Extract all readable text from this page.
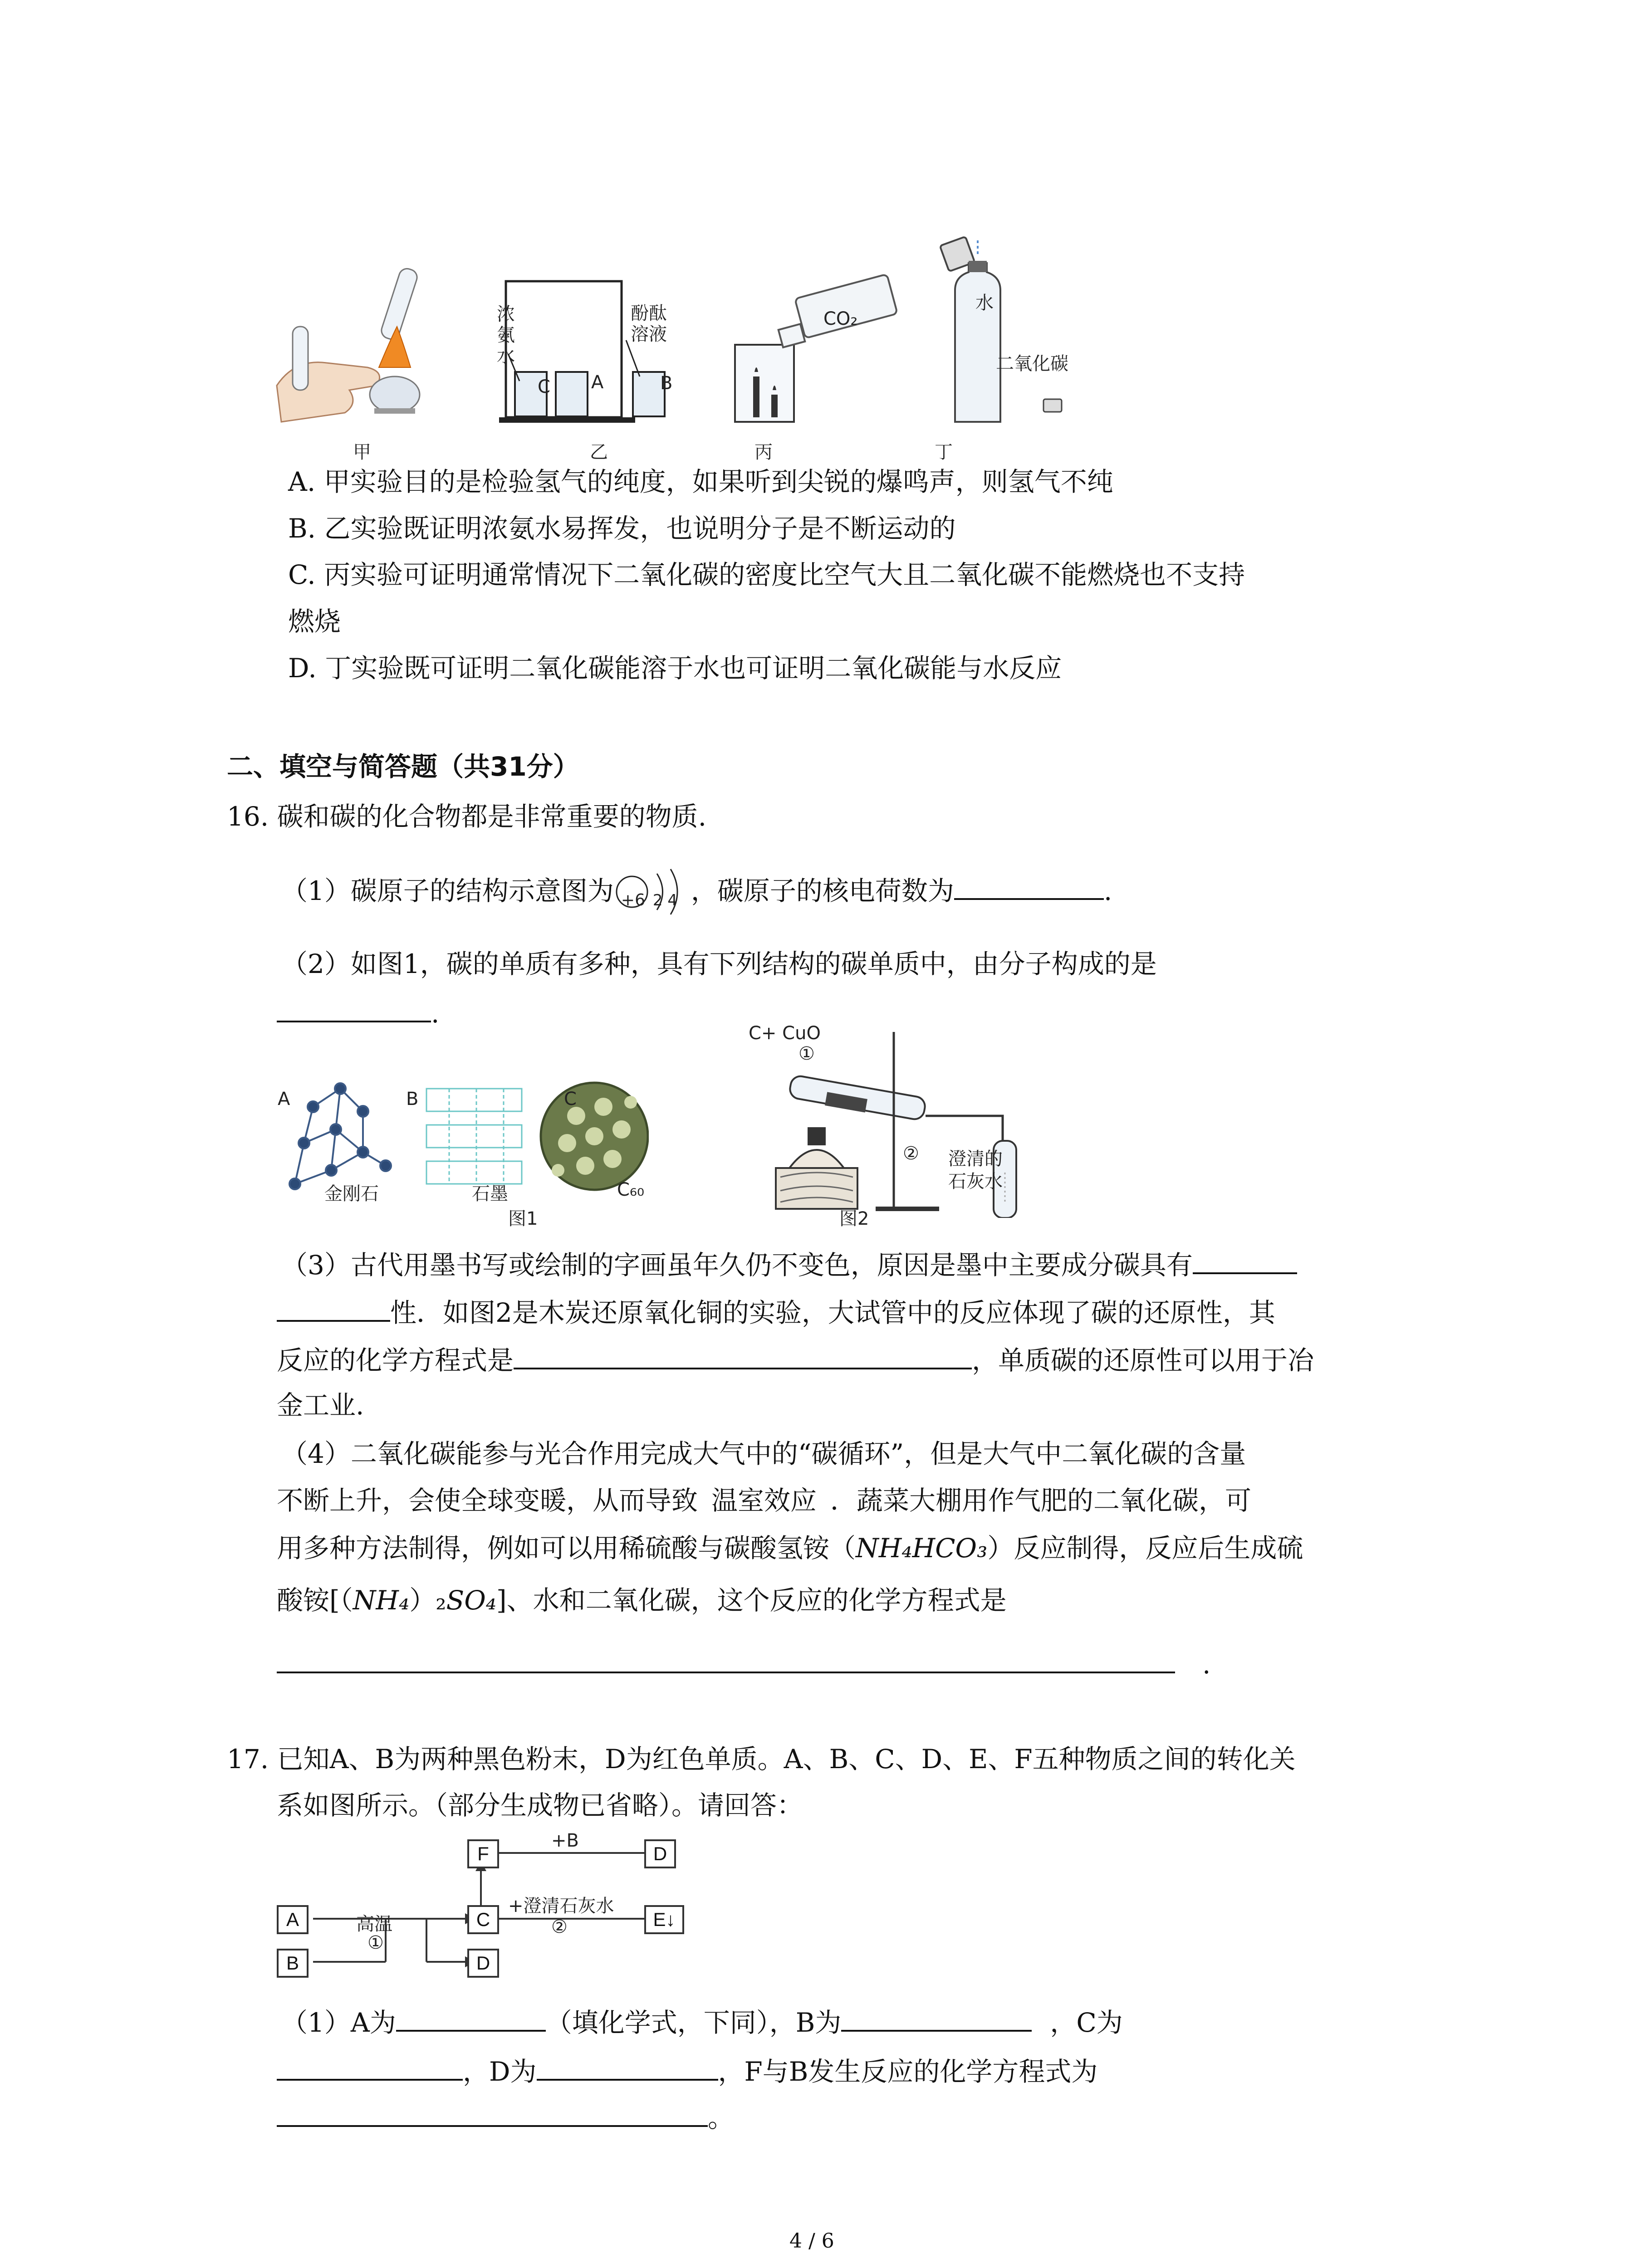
浓氨水
酚酞溶液
C A	B
CO₂
水
二氧化碳
甲	乙	丙	丁
A. 甲实验目的是检验氢气的纯度，如果听到尖锐的爆鸣声，则氢气不纯
B. 乙实验既证明浓氨水易挥发，也说明分子是不断运动的
C. 丙实验可证明通常情况下二氧化碳的密度比空气大且二氧化碳不能燃烧也不支持
燃烧
D. 丁实验既可证明二氧化碳能溶于水也可证明二氧化碳能与水反应
二、填空与简答题（共31分）
16. 碳和碳的化合物都是非常重要的物质.
（1）碳原子的结构示意图为 +6 2 4 ，碳原子的核电荷数为	.
（2）如图1，碳的单质有多种，具有下列结构的碳单质中，由分子构成的是
.
A	B	C
金刚石	石墨	C₆₀
图1
C+ CuO
①
② 澄清的石灰水
图2
（3）古代用墨书写或绘制的字画虽年久仍不变色，原因是墨中主要成分碳具有
性．如图2是木炭还原氧化铜的实验，大试管中的反应体现了碳的还原性，其
反应的化学方程式是	，单质碳的还原性可以用于冶
金工业.
（4）二氧化碳能参与光合作用完成大气中的“碳循环”，但是大气中二氧化碳的含量
不断上升，会使全球变暖，从而导致 温室效应 ．蔬菜大棚用作气肥的二氧化碳，可
用多种方法制得，例如可以用稀硫酸与碳酸氢铵（NH₄HCO₃）反应制得，反应后生成硫
酸铵[（NH₄）₂SO₄]、水和二氧化碳，这个反应的化学方程式是
.
17. 已知A、B为两种黑色粉末，D为红色单质。A、B、C、D、E、F五种物质之间的转化关
系如图所示。（部分生成物已省略）。请回答：
A
B
C
D
F	D
E↓
高温
①
+B
+澄清石灰水
②
（1）A为	（填化学式，下同），B为	，C为
，D为	，F与B发生反应的化学方程式为
。
4 / 6
